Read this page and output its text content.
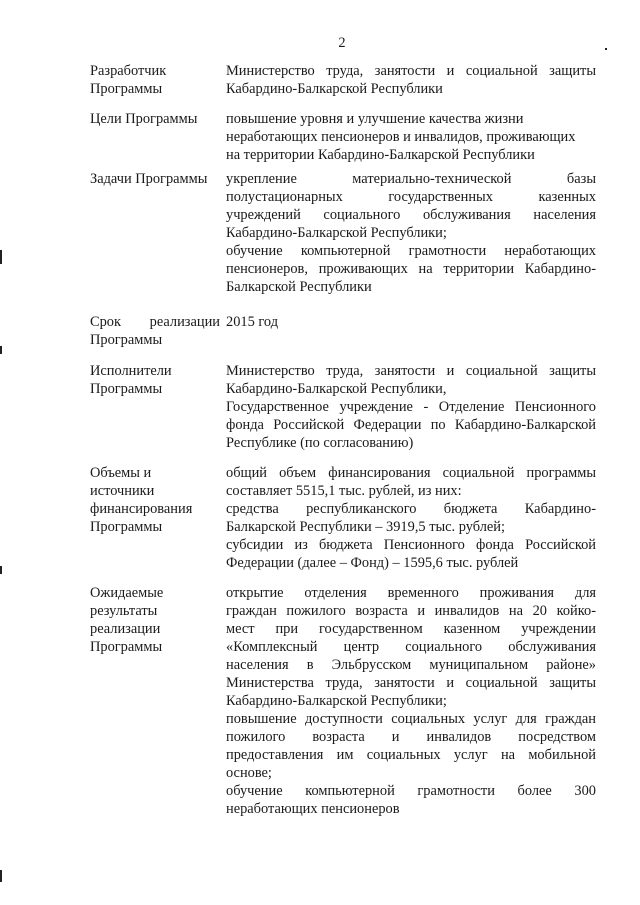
2
Разработчик
Программы
Министерство труда, занятости и социальной защиты
Кабардино-Балкарской Республики
Цели Программы	повышение уровня и улучшение качества жизни
неработающих пенсионеров и инвалидов, проживающих
на территории Кабардино-Балкарской Республики
Задачи Программы	укрепление материально-технической базы
полустационарных государственных казенных
учреждений социального обслуживания населения
Кабардино-Балкарской Республики;
обучение компьютерной грамотности неработающих
пенсионеров, проживающих на территории Кабардино-
Балкарской Республики
Срок реализации
Программы
2015 год
Исполнители
Программы
Министерство труда, занятости и социальной защиты
Кабардино-Балкарской Республики,
Государственное учреждение - Отделение Пенсионного
фонда Российской Федерации по Кабардино-Балкарской
Республике (по согласованию)
Объемы и
источники
финансирования
Программы
общий объем финансирования социальной программы
составляет 5515,1 тыс. рублей, из них:
средства республиканского бюджета Кабардино-
Балкарской Республики – 3919,5 тыс. рублей;
субсидии из бюджета Пенсионного фонда Российской
Федерации (далее – Фонд) – 1595,6 тыс. рублей
Ожидаемые
результаты
реализации
Программы
открытие отделения временного проживания для
граждан пожилого возраста и инвалидов на 20 койко-
мест при государственном казенном учреждении
«Комплексный центр социального обслуживания
населения в Эльбрусском муниципальном районе»
Министерства труда, занятости и социальной защиты
Кабардино-Балкарской Республики;
повышение доступности социальных услуг для граждан
пожилого возраста и инвалидов посредством
предоставления им социальных услуг на мобильной
основе;
обучение компьютерной грамотности более 300
неработающих пенсионеров
